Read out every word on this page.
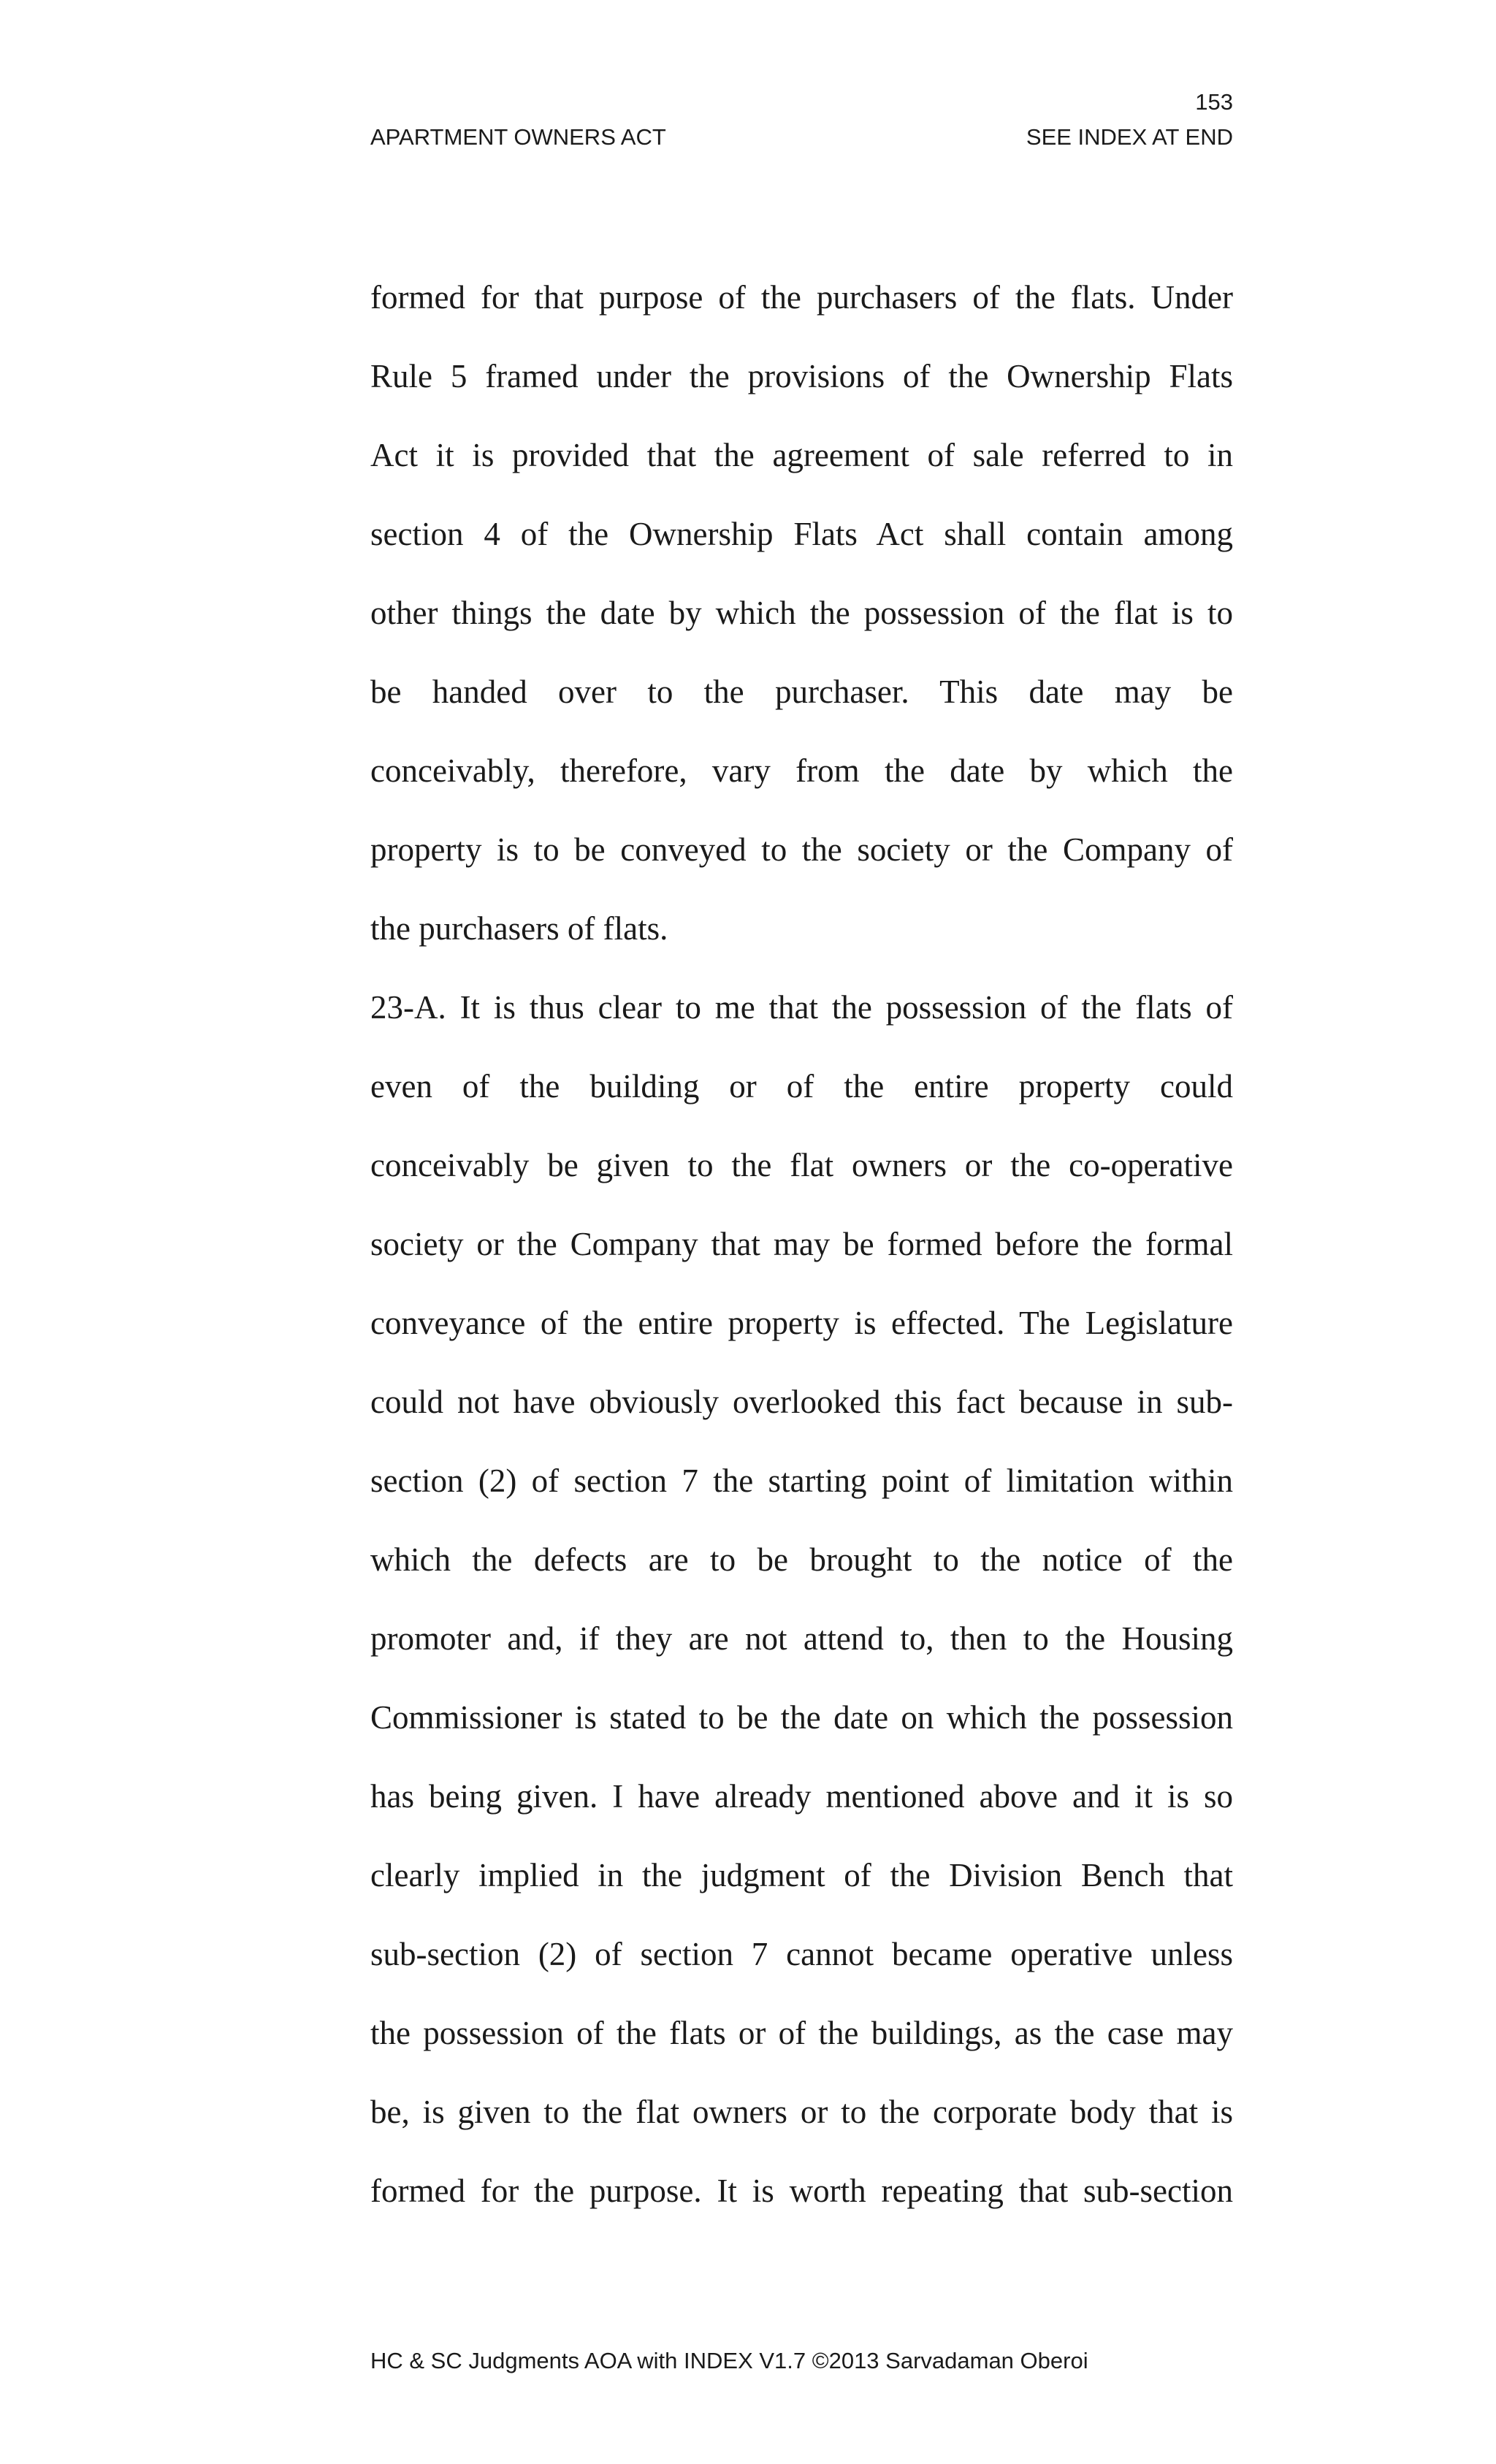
153
APARTMENT OWNERS ACT	SEE INDEX AT END
formed for that purpose of the purchasers of the flats. Under
Rule 5 framed under the provisions of the Ownership Flats
Act it is provided that the agreement of sale referred to in
section 4 of the Ownership Flats Act shall contain among
other things the date by which the possession of the flat is to
be handed over to the purchaser. This date may be
conceivably, therefore, vary from the date by which the
property is to be conveyed to the society or the Company of
the purchasers of flats.
23-A. It is thus clear to me that the possession of the flats of
even of the building or of the entire property could
conceivably be given to the flat owners or the co-operative
society or the Company that may be formed before the formal
conveyance of the entire property is effected. The Legislature
could not have obviously overlooked this fact because in sub-
section (2) of section 7 the starting point of limitation within
which the defects are to be brought to the notice of the
promoter and, if they are not attend to, then to the Housing
Commissioner is stated to be the date on which the possession
has being given. I have already mentioned above and it is so
clearly implied in the judgment of the Division Bench that
sub-section (2) of section 7 cannot became operative unless
the possession of the flats or of the buildings, as the case may
be, is given to the flat owners or to the corporate body that is
formed for the purpose. It is worth repeating that sub-section
HC & SC Judgments AOA with INDEX V1.7 ©2013 Sarvadaman Oberoi
